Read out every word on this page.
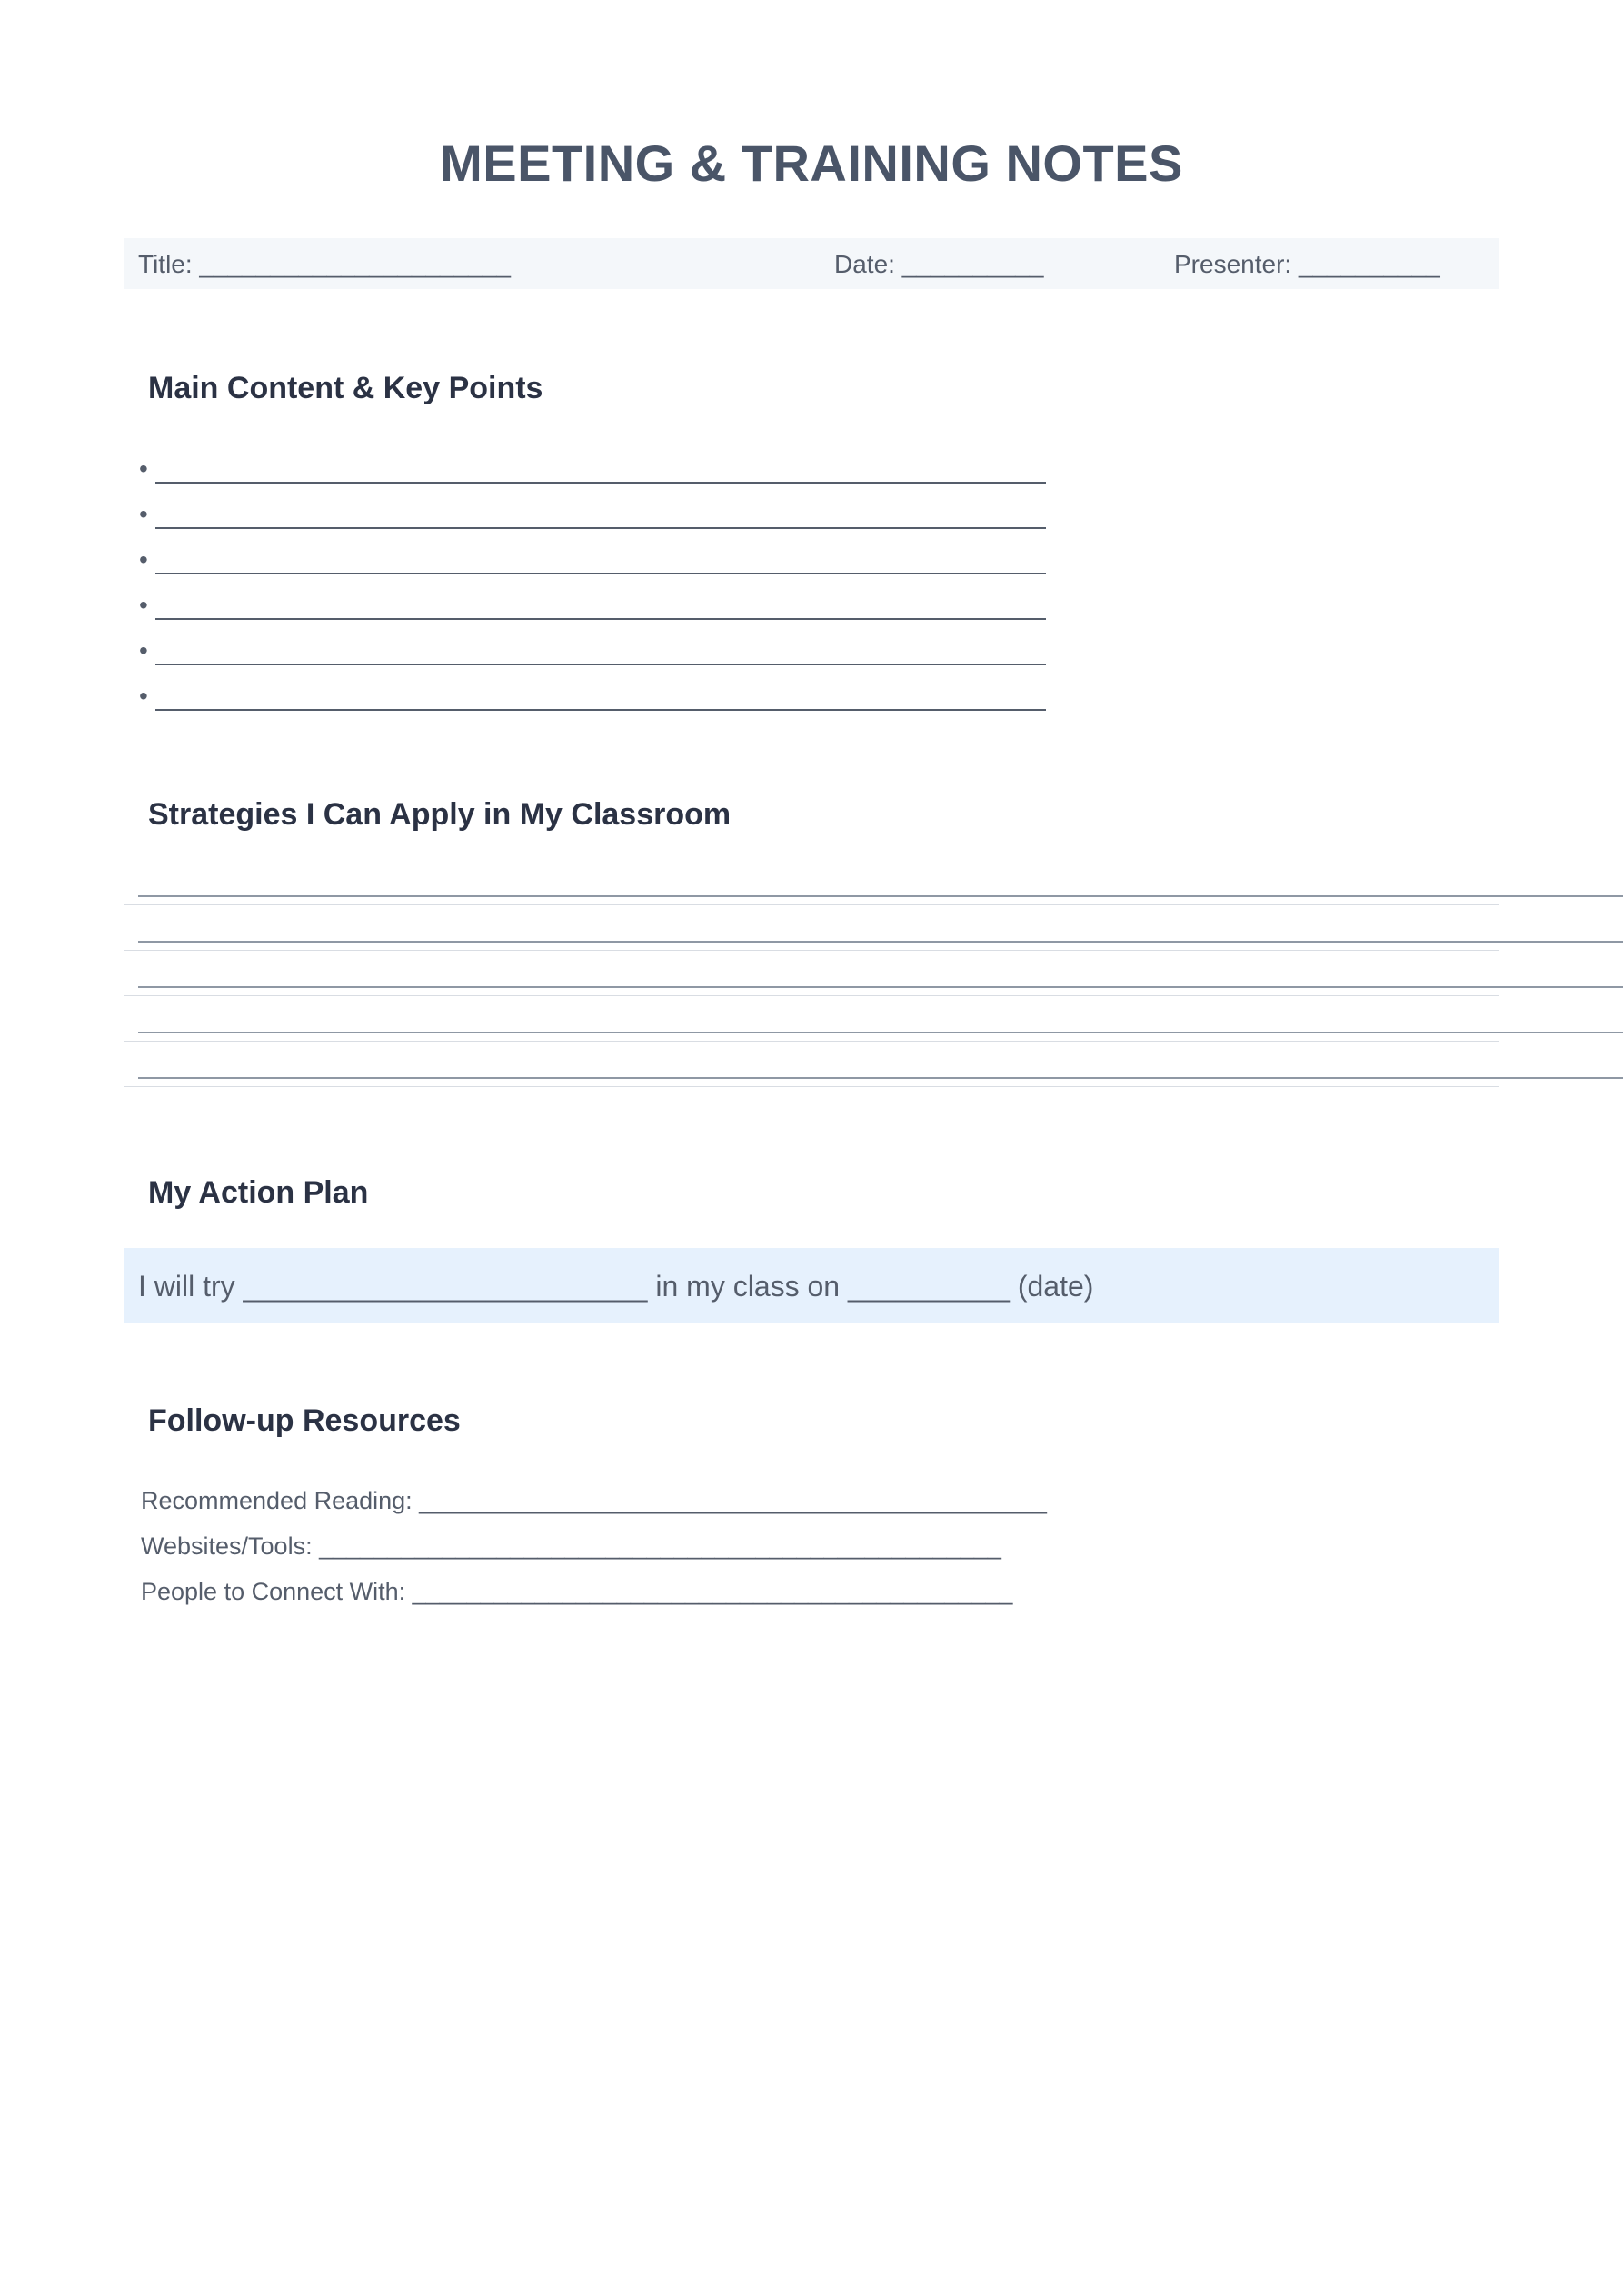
MEETING & TRAINING NOTES
Title: ______________________	Date: __________	Presenter: __________
Main Content & Key Points
•
•
•
•
•
•
Strategies I Can Apply in My Classroom
My Action Plan
I will try _________________________ in my class on __________ (date)
Follow-up Resources
Recommended Reading: ______________________________________________
Websites/Tools: __________________________________________________
People to Connect With: ____________________________________________
